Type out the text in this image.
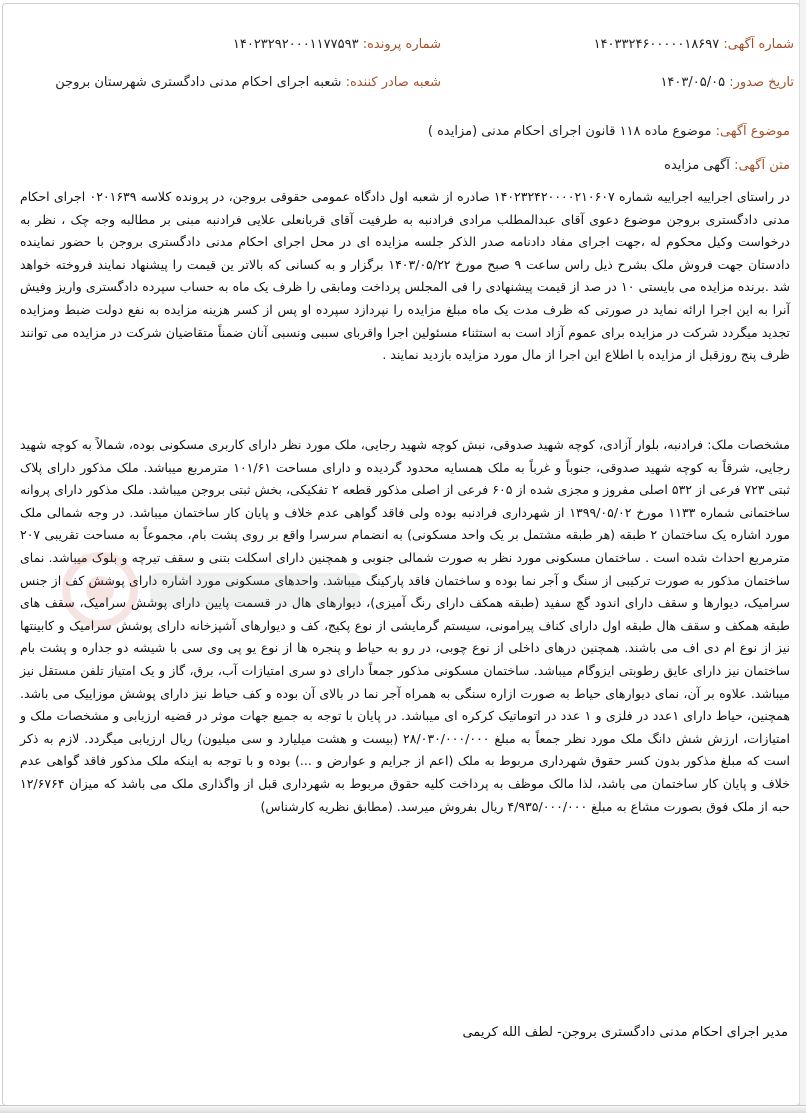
شماره آگهی: ۱۴۰۳۳۲۴۶۰۰۰۰۰۱۸۶۹۷
شماره پرونده: ۱۴۰۲۳۲۹۲۰۰۰۱۱۷۷۵۹۳
تاریخ صدور: ۱۴۰۳/۰۵/۰۵
شعبه صادر کننده: شعبه اجرای احکام مدنی دادگستری شهرستان بروجن
موضوع آگهی: موضوع ماده ۱۱۸ قانون اجرای احکام مدنی (مزایده )
متن آگهی: آگهی مزایده

در راستای اجراییه اجراییه شماره ۱۴۰۲۳۲۴۲۰۰۰۰۲۱۰۶۰۷ صادره از شعبه اول دادگاه عمومی حقوقی بروجن، در پرونده کلاسه ۰۲۰۱۶۳۹ اجرای احکام مدنی دادگستری بروجن موضوع دعوی آقای عبدالمطلب مرادی فرادنبه به طرفیت آقای قربانعلی علایی فرادنبه مبنی بر مطالبه وجه چک ، نظر به درخواست وکیل محکوم له ،جهت اجرای مفاد دادنامه صدر الذکر جلسه مزایده ای در محل اجرای احکام مدنی دادگستری بروجن با حضور نماینده دادستان جهت فروش ملک بشرح ذیل راس ساعت ۹ صبح مورخ ۱۴۰۳/۰۵/۲۲ برگزار و به کسانی که بالاتر ین قیمت را پیشنهاد نمایند فروخته خواهد شد .برنده مزایده می بایستی ۱۰ در صد از قیمت پیشنهادی را فی المجلس پرداخت ومابقی را ظرف یک ماه به حساب سپرده دادگستری واریز وفیش آنرا به این اجرا ارائه نماید در صورتی که ظرف مدت یک ماه مبلغ مزایده را نپردازد سپرده او پس از کسر هزینه مزایده به نفع دولت ضبط ومزایده تجدید میگردد شرکت در مزایده برای عموم آزاد است به استثناء مسئولین اجرا واقربای سببی ونسبی آنان ضمناً متقاضیان شرکت در مزایده می توانند ظرف پنج روزقبل از مزایده با اطلاع این اجرا از مال مورد مزایده بازدید نمایند .

مشخصات ملک: فرادنبه، بلوار آزادی، کوچه شهید صدوقی، نبش کوچه شهید رجایی، ملک مورد نظر دارای کاربری مسکونی بوده، شمالاً به کوچه شهید رجایی، شرقاً به کوچه شهید صدوقی، جنوباً و غرباً به ملک همسایه محدود گردیده و دارای مساحت ۱۰۱/۶۱ مترمربع میباشد. ملک مذکور دارای پلاک ثبتی ۷۲۳ فرعی از ۵۳۲ اصلی مفروز و مجزی شده از ۶۰۵ فرعی از اصلی مذکور قطعه ۲ تفکیکی، بخش ثبتی بروجن میباشد. ملک مذکور دارای پروانه ساختمانی شماره ۱۱۳۳ مورخ ۱۳۹۹/۰۵/۰۲ از شهرداری فرادنبه بوده ولی فاقد گواهی عدم خلاف و پایان کار ساختمان میباشد. در وجه شمالی ملک مورد اشاره یک ساختمان ۲ طبقه (هر طبقه مشتمل بر یک واحد مسکونی) به انضمام سرسرا واقع بر روی پشت بام، مجموعاً به مساحت تقریبی ۲۰۷ مترمربع احداث شده است . ساختمان مسکونی مورد نظر به صورت شمالی جنوبی و همچنین دارای اسکلت بتنی و سقف تیرچه و بلوک میباشد. نمای ساختمان مذکور به صورت ترکیبی از سنگ و آجر نما بوده و ساختمان فاقد پارکینگ میباشد. واحدهای مسکونی مورد اشاره دارای پوشش کف از جنس سرامیک، دیوارها و سقف دارای اندود گچ سفید (طبقه همکف دارای رنگ آمیزی)، دیوارهای هال در قسمت پایین دارای پوشش سرامیک، سقف های طبقه همکف و سقف هال طبقه اول دارای کناف پیرامونی، سیستم گرمایشی از نوع پکیج، کف و دیوارهای آشپزخانه دارای پوشش سرامیک و کابینتها نیز از نوع ام دی اف می باشند. همچنین درهای داخلی از نوع چوبی، در رو به حیاط و پنجره ها از نوع یو پی وی سی با شیشه دو جداره و پشت بام ساختمان نیز دارای عایق رطوبتی ایزوگام میباشد. ساختمان مسکونی مذکور جمعاً دارای دو سری امتیازات آب، برق، گاز و یک امتیاز تلفن مستقل نیز میباشد. علاوه بر آن، نمای دیوارهای حیاط به صورت ازاره سنگی به همراه آجر نما در بالای آن بوده و کف حیاط نیز دارای پوشش موزاییک می باشد. همچنین، حیاط دارای ۱عدد در فلزی و ۱ عدد در اتوماتیک کرکره ای میباشد. در پایان با توجه به جمیع جهات موثر در قضیه ارزیابی و مشخصات ملک و امتیازات، ارزش شش دانگ ملک مورد نظر جمعاً به مبلغ ۲۸/۰۳۰/۰۰۰/۰۰۰ (بیست و هشت میلیارد و سی میلیون) ریال ارزیابی میگردد. لازم به ذکر است که مبلغ مذکور بدون کسر حقوق شهرداری مربوط به ملک (اعم از جرایم و عوارض و ...) بوده و با توجه به اینکه ملک مذکور فاقد گواهی عدم خلاف و پایان کار ساختمان می باشد، لذا مالک موظف به پرداخت کلیه حقوق مربوط به شهرداری قبل از واگذاری ملک می باشد که میزان ۱۲/۶۷۶۴ حبه از ملک فوق بصورت مشاع به مبلغ ۴/۹۳۵/۰۰۰/۰۰۰ ریال بفروش میرسد. (مطابق نظریه کارشناس)

مدیر اجرای احکام مدنی دادگستری بروجن- لطف الله کریمی
